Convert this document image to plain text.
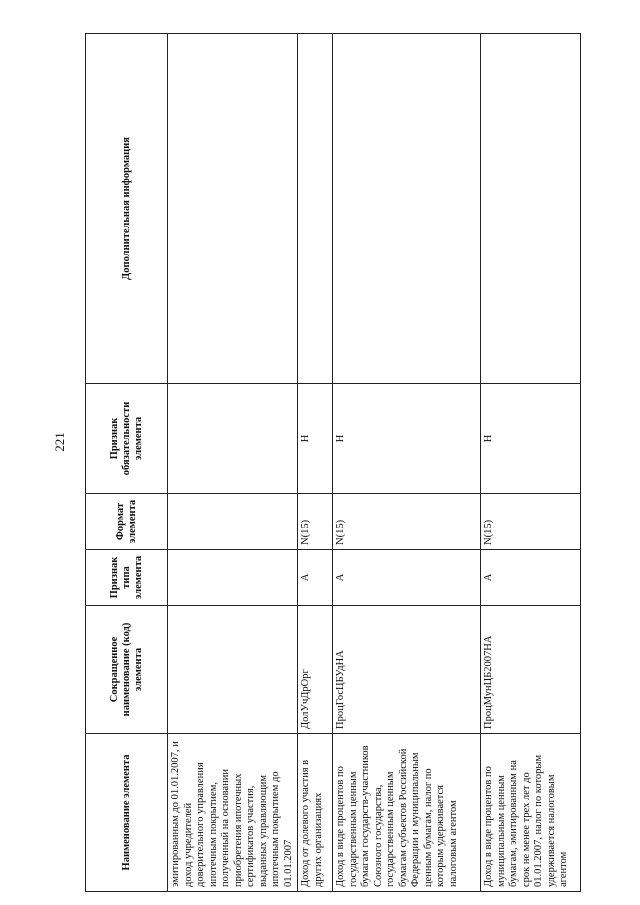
221
Наименование элемента	Сокращенное наименование (код) элемента	Признак типа элемента	Формат элемента	Признак обязательности элемента	Дополнительная информация
эмитированным до 01.01.2007, и доход учредителей доверительного управления ипотечным покрытием, полученный на основании приобретения ипотечных сертификатов участия, выданных управляющим ипотечным покрытием до 01.01.2007					
Доход от долевого участия в других организациях	ДолУчДрОрг	А	N(15)	Н	
Доход в виде процентов по государственным ценным бумагам государств-участников Союзного государства, государственным ценным бумагам субъектов Российской Федерации и муниципальным ценным бумагам, налог по которым удерживается налоговым агентом	ПроцГосЦБУдНА	А	N(15)	Н	
Доход в виде процентов по муниципальным ценным бумагам, эмитированным на срок не менее трех лет до 01.01.2007, налог по которым удерживается налоговым агентом	ПроцМунЦБ2007НА	А	N(15)	Н	
